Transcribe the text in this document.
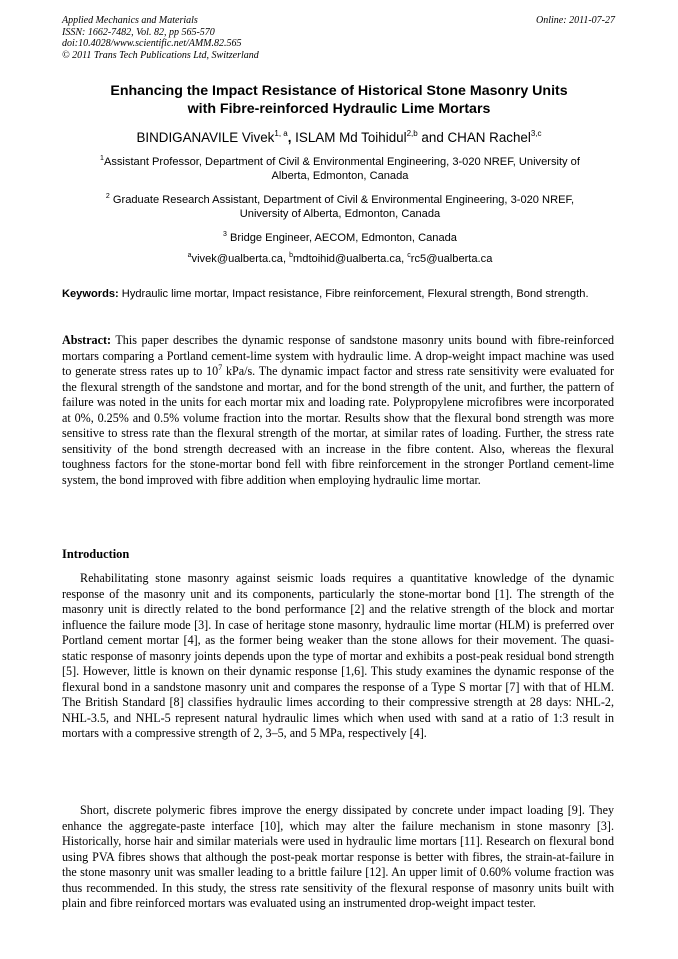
Applied Mechanics and Materials
ISSN: 1662-7482, Vol. 82, pp 565-570
doi:10.4028/www.scientific.net/AMM.82.565
© 2011 Trans Tech Publications Ltd, Switzerland
Online: 2011-07-27
Enhancing the Impact Resistance of Historical Stone Masonry Units
with Fibre-reinforced Hydraulic Lime Mortars
BINDIGANAVILE Vivek$^{1, a}$, ISLAM Md Toihidul$^{2,b}$ and CHAN Rachel$^{3,c}$
$^1$Assistant Professor, Department of Civil & Environmental Engineering, 3-020 NREF, University of
Alberta, Edmonton, Canada
$^2$ Graduate Research Assistant, Department of Civil & Environmental Engineering, 3-020 NREF,
University of Alberta, Edmonton, Canada
$^3$ Bridge Engineer, AECOM, Edmonton, Canada
$^a$vivek@ualberta.ca, $^b$mdtoihid@ualberta.ca, $^c$rc5@ualberta.ca
Keywords: Hydraulic lime mortar, Impact resistance, Fibre reinforcement, Flexural strength, Bond strength.
Abstract: This paper describes the dynamic response of sandstone masonry units bound with fibre-reinforced mortars comparing a Portland cement-lime system with hydraulic lime. A drop-weight impact machine was used to generate stress rates up to $10^7$ kPa/s. The dynamic impact factor and stress rate sensitivity were evaluated for the flexural strength of the sandstone and mortar, and for the bond strength of the unit, and further, the pattern of failure was noted in the units for each mortar mix and loading rate. Polypropylene microfibres were incorporated at 0%, 0.25% and 0.5% volume fraction into the mortar. Results show that the flexural bond strength was more sensitive to stress rate than the flexural strength of the mortar, at similar rates of loading. Further, the stress rate sensitivity of the bond strength decreased with an increase in the fibre content. Also, whereas the flexural toughness factors for the stone-mortar bond fell with fibre reinforcement in the stronger Portland cement-lime system, the bond improved with fibre addition when employing hydraulic lime mortar.
Introduction
Rehabilitating stone masonry against seismic loads requires a quantitative knowledge of the dynamic response of the masonry unit and its components, particularly the stone-mortar bond [1]. The strength of the masonry unit is directly related to the bond performance [2] and the relative strength of the block and mortar influence the failure mode [3]. In case of heritage stone masonry, hydraulic lime mortar (HLM) is preferred over Portland cement mortar [4], as the former being weaker than the stone allows for their movement. The quasi-static response of masonry joints depends upon the type of mortar and exhibits a post-peak residual bond strength [5]. However, little is known on their dynamic response [1,6]. This study examines the dynamic response of the flexural bond in a sandstone masonry unit and compares the response of a Type S mortar [7] with that of HLM. The British Standard [8] classifies hydraulic limes according to their compressive strength at 28 days: NHL-2, NHL-3.5, and NHL-5 represent natural hydraulic limes which when used with sand at a ratio of 1:3 result in mortars with a compressive strength of 2, 3–5, and 5 MPa, respectively [4].
Short, discrete polymeric fibres improve the energy dissipated by concrete under impact loading [9]. They enhance the aggregate-paste interface [10], which may alter the failure mechanism in stone masonry [3]. Historically, horse hair and similar materials were used in hydraulic lime mortars [11]. Research on flexural bond using PVA fibres shows that although the post-peak mortar response is better with fibres, the strain-at-failure in the stone masonry unit was smaller leading to a brittle failure [12]. An upper limit of 0.60% volume fraction was thus recommended. In this study, the stress rate sensitivity of the flexural response of masonry units built with plain and fibre reinforced mortars was evaluated using an instrumented drop-weight impact tester.
